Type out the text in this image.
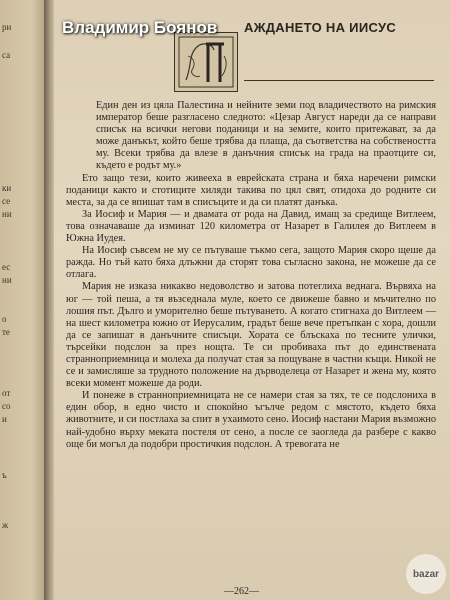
ри
са
ки
се
ни
ес
ни
о
те
от
со
и
ъ
ж
Владимир Боянов АЖДАНЕТО НА ИИСУС

Един ден из цяла Палестина и нейните земи под владичеството на римския император беше разгласено следното: «Цезар Август нареди да се направи списък на всички негови поданици и на земите, които притежават, за да може данъкът, който беше трябва да плаща, да съответства на собствеността му. Всеки трябва да влезе в данъчния списък на града на прaотците си, където е родът му.»

Ето защо тези, които живееха в еврейската страна и бяха наречени римски поданици както и стотиците хиляди такива по цял свят, отидоха до родните си места, за да се впишат там в списъците и да си платят данъка.

За Иосиф и Мария — и двамата от рода на Давид, имащ за средище Витлеем, това означаваше да изминат 120 километра от Назарет в Галилея до Витлеем в Южна Иудея.

На Иосиф съвсем не му се пътуваше тъкмо сега, защото Мария скоро щеше да ражда. Но тъй като бяха длъжни да сторят това съгласно закона, не можеше да се отлага.

Мария не изказа никакво недоволство и затова потеглиха веднага. Вървяха на юг — той пеша, а тя възседнала муле, което се движеше бавно и мъчително по лошия път. Дълго и уморително беше пътуването. А когато стигнаха до Витлеем — на шест километра южно от Иерусалим, градът беше вече претъпкан с хора, дошли да се запишат в данъчните списъци. Хората се блъскаха по тесните улички, търсейки подслон за през нощта. Те си пробиваха път до единствената странноприемница и молеха да получат стая за пощуване в частни къщи. Никой не се и замисляше за трудното положение на дърводелеца от Назарет и жена му, която всеки момент можеше да роди.

И понеже в странноприемницата не се намери стая за тях, те се подслониха в един обор, в едно чисто и спокойно ъгълче редом с мястото, където бяха животните, и си постлаха за спит в ухаимото сено. Иосиф настани Мария възможно най-удобно върху меката постеля от сено, а после се заогледа да разбере с какво още би могъл да подобри простичкия подслон. А тревогата не

—262—
bazar
